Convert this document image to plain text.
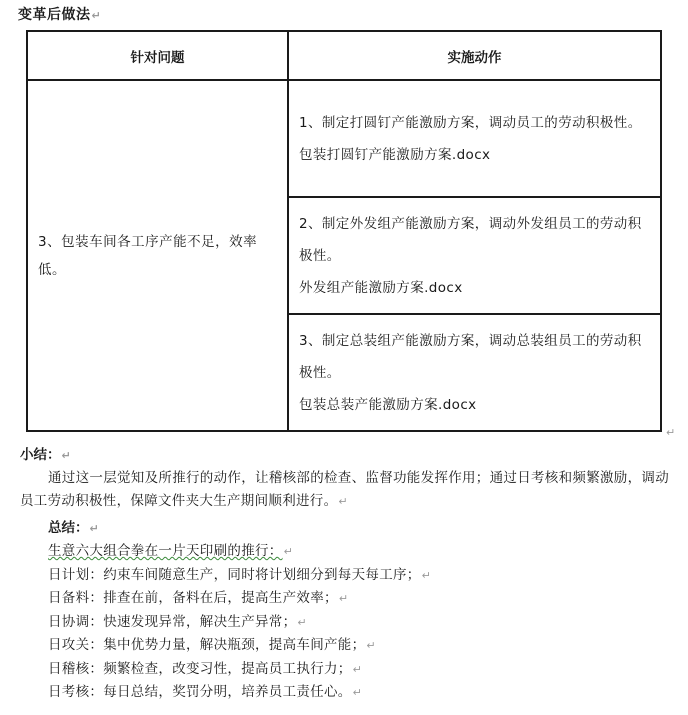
变革后做法↵
针对问题	实施动作
3、包装车间各工序产能不足，效率低。	1、制定打圆钉产能激励方案，调动员工的劳动积极性。
包装打圆钉产能激励方案.docx

	2、制定外发组产能激励方案，调动外发组员工的劳动积极性。
外发组产能激励方案.docx

	3、制定总装组产能激励方案，调动总装组员工的劳动积极性。
包装总装产能激励方案.docx
↵
小结：↵

通过这一层觉知及所推行的动作，让稽核部的检查、监督功能发挥作用；通过日考核和频繁激励，调动员工劳动积极性，保障文件夹大生产期间顺利进行。↵

总结：↵

生意六大组合拳在一片天印刷的推行：↵

日计划：约束车间随意生产，同时将计划细分到每天每工序；↵

日备料：排查在前，备料在后，提高生产效率；↵

日协调：快速发现异常，解决生产异常；↵

日攻关：集中优势力量，解决瓶颈，提高车间产能；↵

日稽核：频繁检查，改变习性，提高员工执行力；↵

日考核：每日总结，奖罚分明，培养员工责任心。↵
